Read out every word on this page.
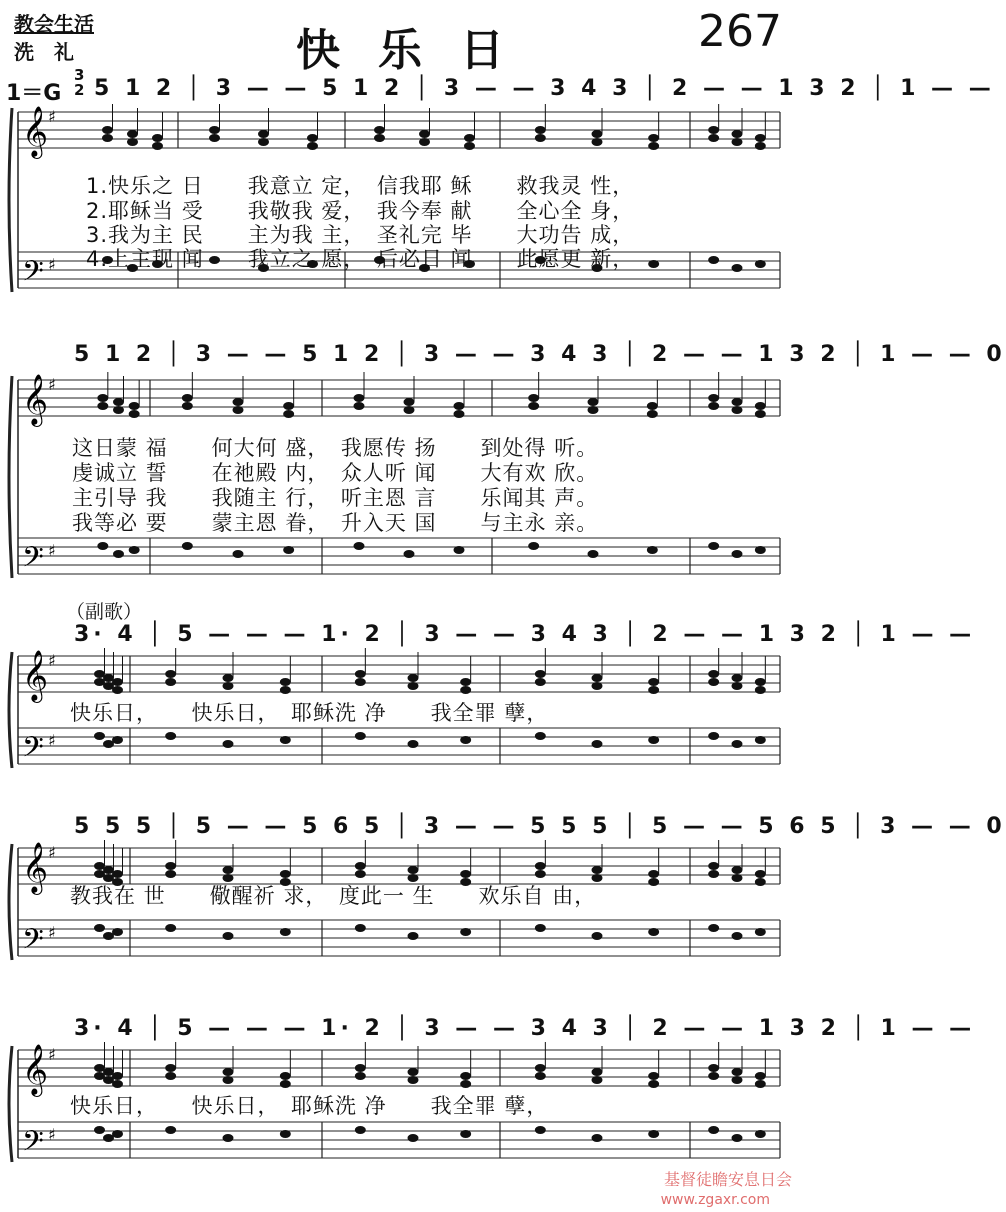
教会生活
洗　礼	快乐日	267
1＝G
3
2 5 1 2 │ 3 — — 5 1 2 │ 3 — — 3 4 3 │ 2 — — 1 3 2 │ 1 — —
𝄞 ♯
𝄢 ♯
1.快乐之 日　　我意立 定，　信我耶 稣　　救我灵 性，
2.耶稣当 受　　我敬我 爱，　我今奉 献　　全心全 身，
3.我为主 民　　主为我 主，　圣礼完 毕　　大功告 成，
4.上主现 闻　　我立之 愿，　后必日 闻　　此愿更 新，
5 1 2 │ 3 — — 5 1 2 │ 3 — — 3 4 3 │ 2 — — 1 3 2 │ 1 — — 0
𝄞 ♯
𝄢 ♯
这日蒙 福　　何大何 盛，　我愿传 扬　　到处得 听。
虔诚立 誓　　在祂殿 内，　众人听 闻　　大有欢 欣。
主引导 我　　我随主 行，　听主恩 言　　乐闻其 声。
我等必 要　　蒙主恩 眷，　升入天 国　　与主永 亲。
（副歌）
3· 4 │ 5 — — — 1· 2 │ 3 — — 3 4 3 │ 2 — — 1 3 2 │ 1 — —
𝄞 ♯
𝄢 ♯
快乐日，　　快乐日，　耶稣洗 净　　我全罪 孽，
5 5 5 │ 5 — — 5 6 5 │ 3 — — 5 5 5 │ 5 — — 5 6 5 │ 3 — — 0
𝄞 ♯
𝄢 ♯
教我在 世　　儆醒祈 求，　度此一 生　　欢乐自 由，
3· 4 │ 5 — — — 1· 2 │ 3 — — 3 4 3 │ 2 — — 1 3 2 │ 1 — —
𝄞 ♯
𝄢 ♯
快乐日，　　快乐日，　耶稣洗 净　　我全罪 孽，
基督徒瞻安息日会
www.zgaxr.com
